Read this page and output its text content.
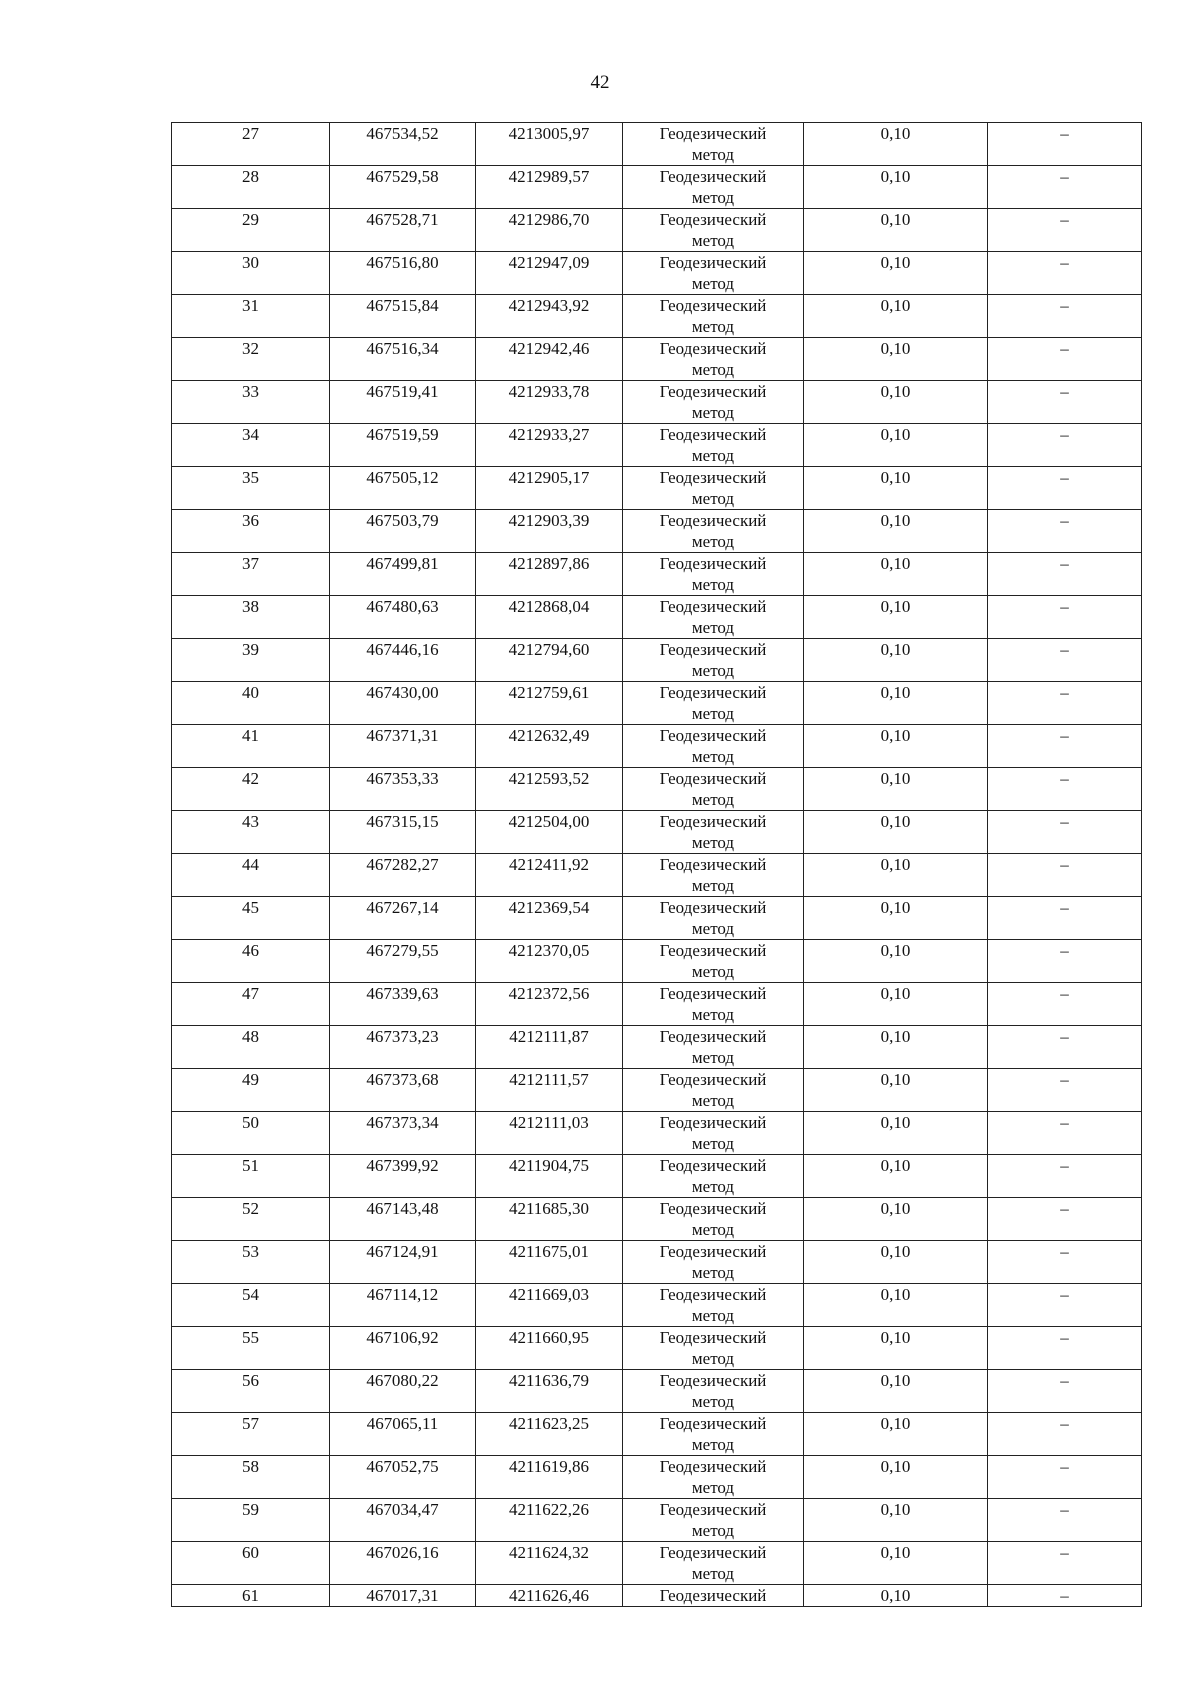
42
27	467534,52	4213005,97	Геодезический
метод	0,10	–
28	467529,58	4212989,57	Геодезический
метод	0,10	–
29	467528,71	4212986,70	Геодезический
метод	0,10	–
30	467516,80	4212947,09	Геодезический
метод	0,10	–
31	467515,84	4212943,92	Геодезический
метод	0,10	–
32	467516,34	4212942,46	Геодезический
метод	0,10	–
33	467519,41	4212933,78	Геодезический
метод	0,10	–
34	467519,59	4212933,27	Геодезический
метод	0,10	–
35	467505,12	4212905,17	Геодезический
метод	0,10	–
36	467503,79	4212903,39	Геодезический
метод	0,10	–
37	467499,81	4212897,86	Геодезический
метод	0,10	–
38	467480,63	4212868,04	Геодезический
метод	0,10	–
39	467446,16	4212794,60	Геодезический
метод	0,10	–
40	467430,00	4212759,61	Геодезический
метод	0,10	–
41	467371,31	4212632,49	Геодезический
метод	0,10	–
42	467353,33	4212593,52	Геодезический
метод	0,10	–
43	467315,15	4212504,00	Геодезический
метод	0,10	–
44	467282,27	4212411,92	Геодезический
метод	0,10	–
45	467267,14	4212369,54	Геодезический
метод	0,10	–
46	467279,55	4212370,05	Геодезический
метод	0,10	–
47	467339,63	4212372,56	Геодезический
метод	0,10	–
48	467373,23	4212111,87	Геодезический
метод	0,10	–
49	467373,68	4212111,57	Геодезический
метод	0,10	–
50	467373,34	4212111,03	Геодезический
метод	0,10	–
51	467399,92	4211904,75	Геодезический
метод	0,10	–
52	467143,48	4211685,30	Геодезический
метод	0,10	–
53	467124,91	4211675,01	Геодезический
метод	0,10	–
54	467114,12	4211669,03	Геодезический
метод	0,10	–
55	467106,92	4211660,95	Геодезический
метод	0,10	–
56	467080,22	4211636,79	Геодезический
метод	0,10	–
57	467065,11	4211623,25	Геодезический
метод	0,10	–
58	467052,75	4211619,86	Геодезический
метод	0,10	–
59	467034,47	4211622,26	Геодезический
метод	0,10	–
60	467026,16	4211624,32	Геодезический
метод	0,10	–
61	467017,31	4211626,46	Геодезический	0,10	–
